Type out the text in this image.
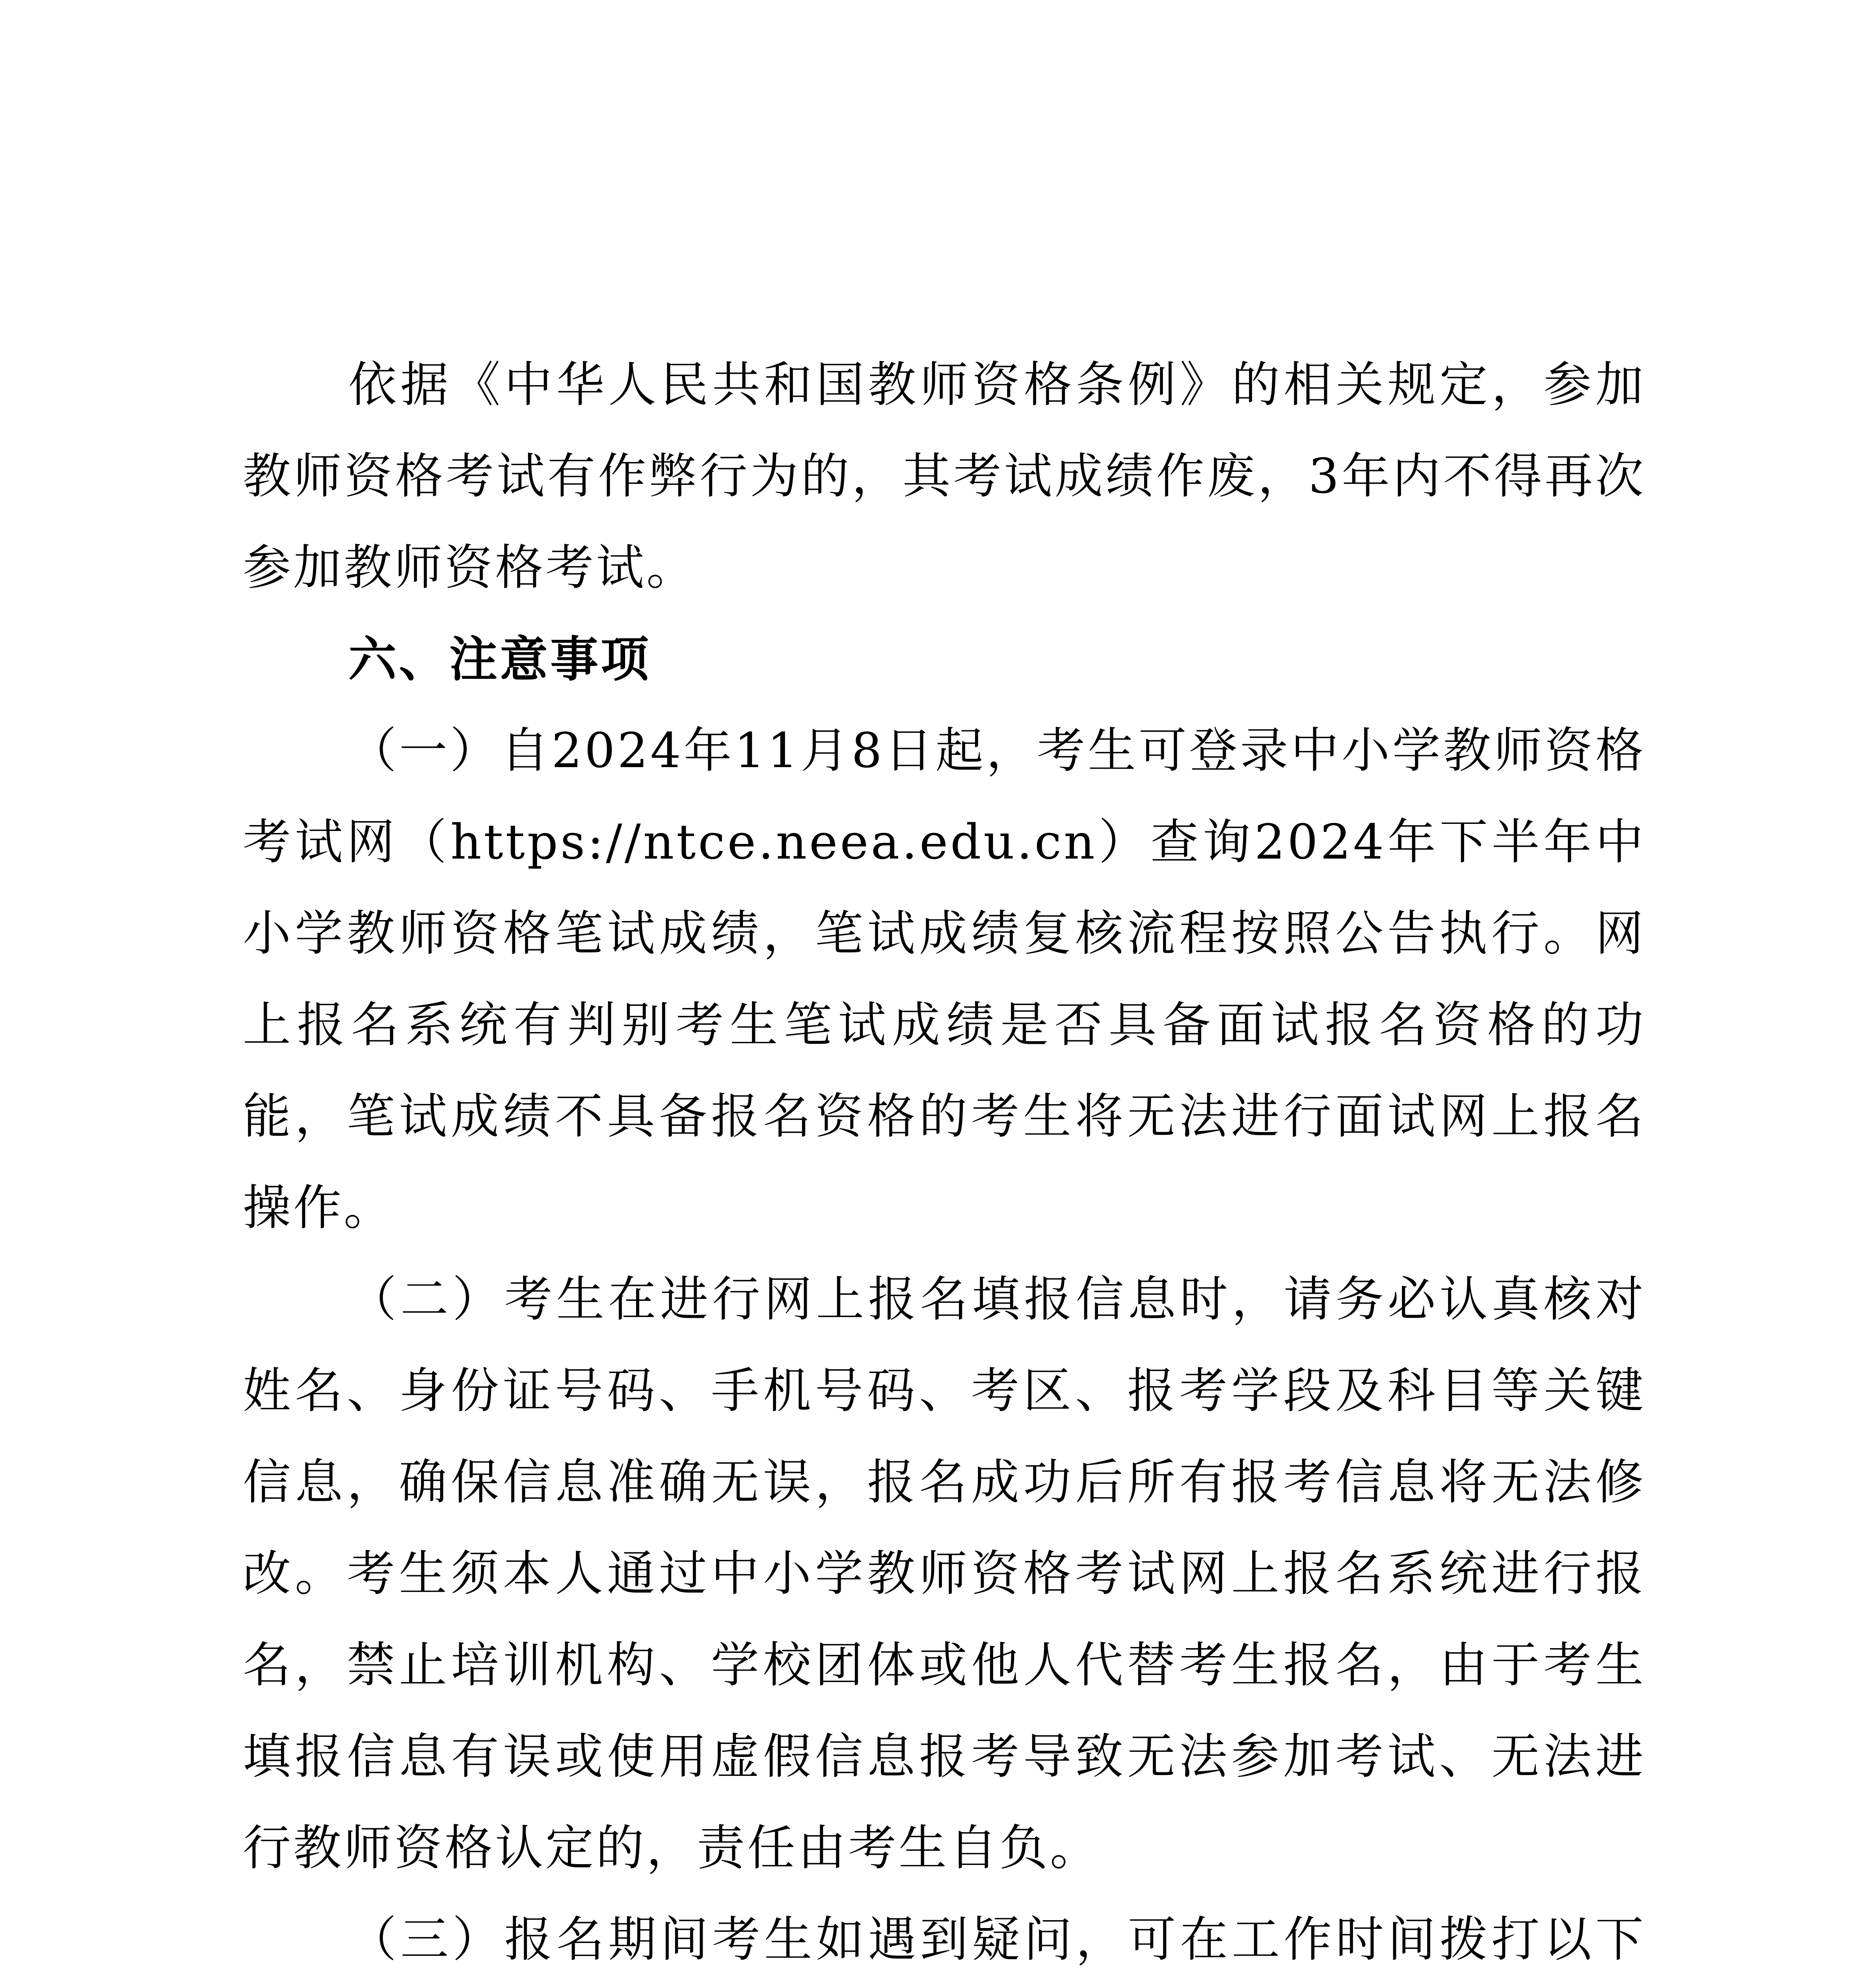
依据《中华人民共和国教师资格条例》的相关规定，参加教师资格考试有作弊行为的，其考试成绩作废，3年内不得再次参加教师资格考试。

六、注意事项

（一）自2024年11月8日起，考生可登录中小学教师资格考试网（https://ntce.neea.edu.cn）查询2024年下半年中小学教师资格笔试成绩，笔试成绩复核流程按照公告执行。网上报名系统有判别考生笔试成绩是否具备面试报名资格的功能，笔试成绩不具备报名资格的考生将无法进行面试网上报名操作。

（二）考生在进行网上报名填报信息时，请务必认真核对姓名、身份证号码、手机号码、考区、报考学段及科目等关键信息，确保信息准确无误，报名成功后所有报考信息将无法修改。考生须本人通过中小学教师资格考试网上报名系统进行报名，禁止培训机构、学校团体或他人代替考生报名，由于考生填报信息有误或使用虚假信息报考导致无法参加考试、无法进行教师资格认定的，责任由考生自负。

（三）报名期间考生如遇到疑问，可在工作时间拨打以下
